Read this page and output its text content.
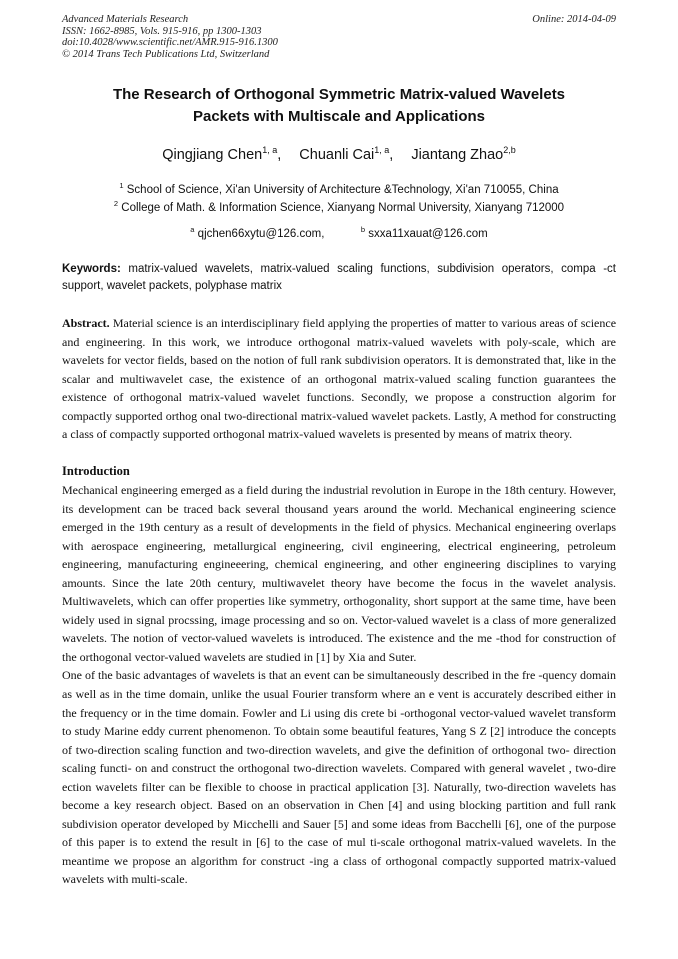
Advanced Materials Research
ISSN: 1662-8985, Vols. 915-916, pp 1300-1303
doi:10.4028/www.scientific.net/AMR.915-916.1300
© 2014 Trans Tech Publications Ltd, Switzerland
Online: 2014-04-09
The Research of Orthogonal Symmetric Matrix-valued Wavelets
Packets with Multiscale and Applications
Qingjiang Chen$^{1, a}$, Chuanli Cai$^{1, a}$, Jiantang Zhao$^{2,b}$
$^1$ School of Science, Xi'an University of Architecture &Technology, Xi'an 710055, China
$^2$ College of Math. & Information Science, Xianyang Normal University, Xianyang 712000
$^a$ qjchen66xytu@126.com,	$^b$ sxxa11xauat@126.com
Keywords: matrix-valued wavelets, matrix-valued scaling functions, subdivision operators, compa -ct support, wavelet packets, polyphase matrix
Abstract. Material science is an interdisciplinary field applying the properties of matter to various areas of science and engineering. In this work, we introduce orthogonal matrix-valued wavelets with poly-scale, which are wavelets for vector fields, based on the notion of full rank subdivision operators. It is demonstrated that, like in the scalar and multiwavelet case, the existence of an orthogonal matrix-valued scaling function guarantees the existence of orthogonal matrix-valued wavelet functions. Secondly, we propose a construction algorim for compactly supported orthog onal two-directional matrix-valued wavelet packets. Lastly, A method for constructing a class of compactly supported orthogonal matrix-valued wavelets is presented by means of matrix theory.
Introduction

Mechanical engineering emerged as a field during the industrial revolution in Europe in the 18th century. However, its development can be traced back several thousand years around the world. Mechanical engineering science emerged in the 19th century as a result of developments in the field of physics. Mechanical engineering overlaps with aerospace engineering, metallurgical engineering, civil engineering, electrical engineering, petroleum engineering, manufacturing engineeering, chemical engineering, and other engineering disciplines to varying amounts. Since the late 20th century, multiwavelet theory have become the focus in the wavelet analysis. Multiwavelets, which can offer properties like symmetry, orthogonality, short support at the same time, have been widely used in signal procssing, image processing and so on. Vector-valued wavelet is a class of more generalized wavelets. The notion of vector-valued wavelets is introduced. The existence and the me -thod for construction of the orthogonal vector-valued wavelets are studied in [1] by Xia and Suter.

One of the basic advantages of wavelets is that an event can be simultaneously described in the fre -quency domain as well as in the time domain, unlike the usual Fourier transform where an e vent is accurately described either in the frequency or in the time domain. Fowler and Li using dis crete bi -orthogonal vector-valued wavelet transform to study Marine eddy current phenomenon. To obtain some beautiful features, Yang S Z [2] introduce the concepts of two-direction scaling function and two-direction wavelets, and give the definition of orthogonal two- direction scaling functi- on and construct the orthogonal two-direction wavelets. Compared with general wavelet , two-dire ection wavelets filter can be flexible to choose in practical application [3]. Naturally, two-direction wavelets has become a key research object. Based on an observation in Chen [4] and using blocking partition and full rank subdivision operator developed by Micchelli and Sauer [5] and some ideas from Bacchelli [6], one of the purpose of this paper is to extend the result in [6] to the case of mul ti-scale orthogonal matrix-valued wavelets. In the meantime we propose an algorithm for construct -ing a class of orthogonal compactly supported matrix-valued wavelets with multi-scale.
